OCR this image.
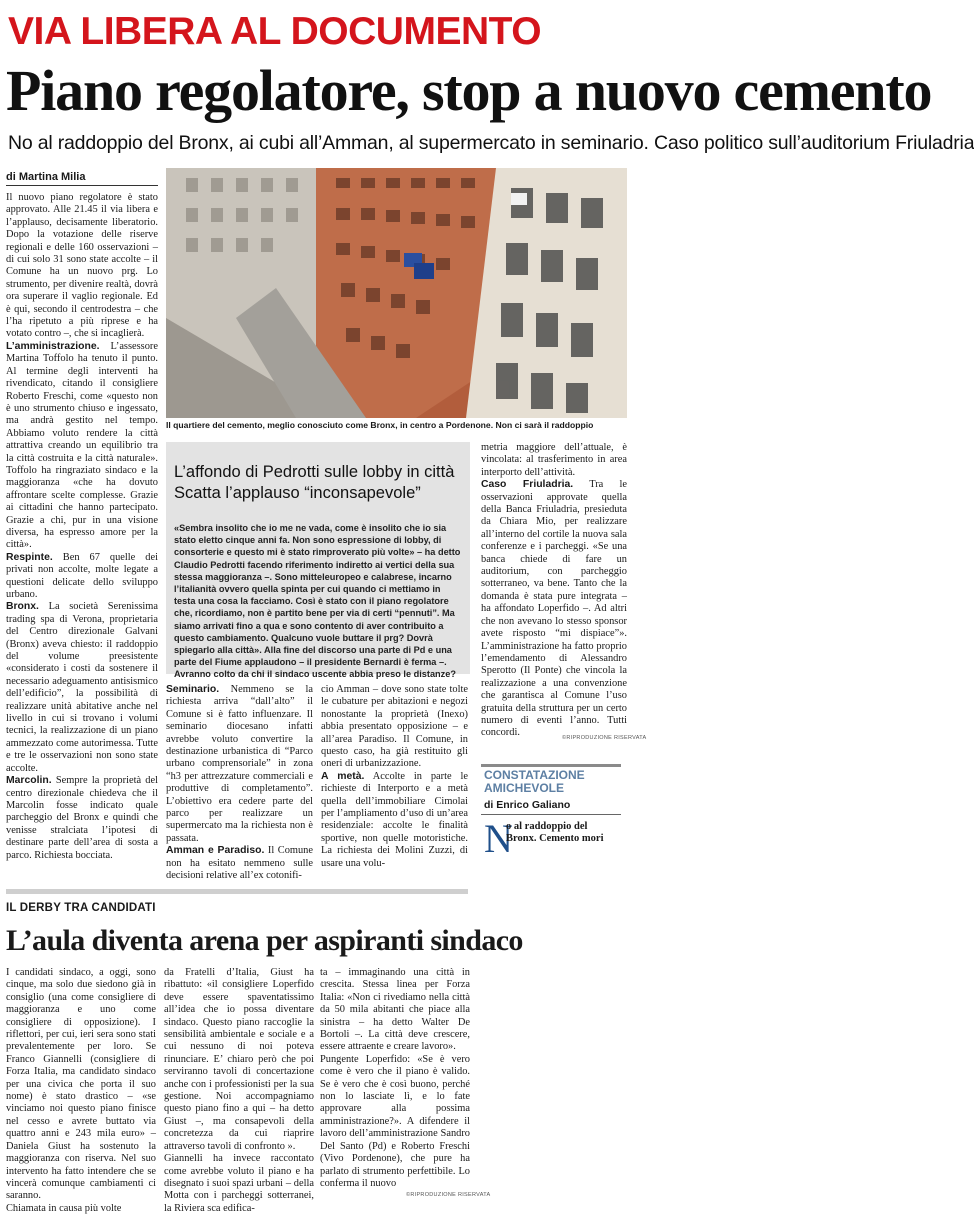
VIA LIBERA AL DOCUMENTO
Piano regolatore, stop a nuovo cemento
No al raddoppio del Bronx, ai cubi all’Amman, al supermercato in seminario. Caso politico sull’auditorium Friuladria
di Martina Milia

Il nuovo piano regolatore è stato approvato. Alle 21.45 il via libera e l’applauso, decisamente liberatorio. Dopo la votazione delle riserve regionali e delle 160 osservazioni – di cui solo 31 sono state accolte – il Comune ha un nuovo prg. Lo strumento, per divenire realtà, dovrà ora superare il vaglio regionale. Ed è qui, secondo il centrodestra – che l’ha ripetuto a più riprese e ha votato contro –, che si incaglierà.

L’amministrazione. L’assessore Martina Toffolo ha tenuto il punto. Al termine degli interventi ha rivendicato, citando il consigliere Roberto Freschi, come «questo non è uno strumento chiuso e ingessato, ma andrà gestito nel tempo. Abbiamo voluto rendere la città attrattiva creando un equilibrio tra la città costruita e la città naturale». Toffolo ha ringraziato sindaco e la maggioranza «che ha dovuto affrontare scelte complesse. Grazie ai cittadini che hanno partecipato. Grazie a chi, pur in una visione diversa, ha espresso amore per la città».

Respinte. Ben 67 quelle dei privati non accolte, molte legate a questioni delicate dello sviluppo urbano.

Bronx. La società Serenissima trading spa di Verona, proprietaria del Centro direzionale Galvani (Bronx) aveva chiesto: il raddoppio del volume preesistente «considerato i costi da sostenere il necessario adeguamento antisismico dell’edificio”, la possibilità di realizzare unità abitative anche nel livello in cui si trovano i volumi tecnici, la realizzazione di un piano ammezzato come autorimessa. Tutte e tre le osservazioni non sono state accolte.

Marcolin. Sempre la proprietà del centro direzionale chiedeva che il Marcolin fosse indicato quale parcheggio del Bronx e quindi che venisse stralciata l’ipotesi di destinare parte dell’area di sosta a parco. Richiesta bocciata.

Il quartiere del cemento, meglio conosciuto come Bronx, in centro a Pordenone. Non ci sarà il raddoppio
L’affondo di Pedrotti sulle lobby in città
Scatta l’applauso “inconsapevole”
«Sembra insolito che io me ne vada, come è insolito che io sia stato eletto cinque anni fa. Non sono espressione di lobby, di consorterie e questo mi è stato rimproverato più volte» – ha detto Claudio Pedrotti facendo riferimento indiretto ai vertici della sua stessa maggioranza –. Sono mitteleuropeo e calabrese, incarno l’italianità ovvero quella spinta per cui quando ci mettiamo in testa una cosa la facciamo. Così è stato con il piano regolatore che, ricordiamo, non è partito bene per via di certi “pennuti”. Ma siamo arrivati fino a qua e sono contento di aver contribuito a questo cambiamento. Qualcuno vuole buttare il prg? Dovrà spiegarlo alla città». Alla fine del discorso una parte di Pd e una parte del Fiume applaudono – il presidente Bernardi è ferma –. Avranno colto da chi il sindaco uscente abbia preso le distanze?

Seminario. Nemmeno se la richiesta arriva “dall’alto” il Comune si è fatto influenzare. Il seminario diocesano infatti avrebbe voluto convertire la destinazione urbanistica di “Parco urbano comprensoriale” in zona “h3 per attrezzature commerciali e produttive di completamento”. L’obiettivo era cedere parte del parco per realizzare un supermercato ma la richiesta non è passata.

Amman e Paradiso. Il Comune non ha esitato nemmeno sulle decisioni relative all’ex cotonifi-

cio Amman – dove sono state tolte le cubature per abitazioni e negozi nonostante la proprietà (Inexo) abbia presentato opposizione – e all’area Paradiso. Il Comune, in questo caso, ha già restituito gli oneri di urbanizzazione.

A metà. Accolte in parte le richieste di Interporto e a metà quella dell’immobiliare Cimolai per l’ampliamento d’uso di un’area residenziale: accolte le finalità sportive, non quelle motoristiche. La richiesta dei Molini Zuzzi, di usare una volu-

metria maggiore dell’attuale, è vincolata: al trasferimento in area interporto dell’attività.

Caso Friuladria. Tra le osservazioni approvate quella della Banca Friuladria, presieduta da Chiara Mio, per realizzare all’interno del cortile la nuova sala conferenze e i parcheggi. «Se una banca chiede di fare un auditorium, con parcheggio sotterraneo, va bene. Tanto che la domanda è stata pure integrata – ha affondato Loperfido –. Ad altri che non avevano lo stesso sponsor avete risposto “mi dispiace”». L’amministrazione ha fatto proprio l’emendamento di Alessandro Sperotto (Il Ponte) che vincola la realizzazione a una convenzione che garantisca al Comune l’uso gratuita della struttura per un certo numero di eventi l’anno. Tutti concordi.	©RIPRODUZIONE RISERVATA
CONSTATAZIONE
AMICHEVOLE
di Enrico Galiano
N
o al raddoppio del Bronx. Cemento mori
IL DERBY TRA CANDIDATI
L’aula diventa arena per aspiranti sindaco
I candidati sindaco, a oggi, sono cinque, ma solo due siedono già in consiglio (una come consigliere di maggioranza e uno come consigliere di opposizione). I riflettori, per cui, ieri sera sono stati prevalentemente per loro. Se Franco Giannelli (consigliere di Forza Italia, ma candidato sindaco per una civica che porta il suo nome) è stato drastico – «se vinciamo noi questo piano finisce nel cesso e avrete buttato via quattro anni e 243 mila euro» – Daniela Giust ha sostenuto la maggioranza con riserva. Nel suo intervento ha fatto intendere che se vincerà comunque cambiamenti ci saranno.
Chiamata in causa più volte
da Fratelli d’Italia, Giust ha ribattuto: «il consigliere Loperfido deve essere spaventatissimo all’idea che io possa diventare sindaco. Questo piano raccoglie la sensibilità ambientale e sociale e a cui nessuno di noi poteva rinunciare. E’ chiaro però che poi serviranno tavoli di concertazione anche con i professionisti per la sua gestione. Noi accompagniamo questo piano fino a qui – ha detto Giust –, ma consapevoli della concretezza da cui riaprire attraverso tavoli di confronto ».
Giannelli ha invece raccontato come avrebbe voluto il piano e ha disegnato i suoi spazi urbani – della Motta con i parcheggi sotterranei, la Riviera sca edifica-
ta – immaginando una città in crescita. Stessa linea per Forza Italia: «Non ci rivediamo nella città da 50 mila abitanti che piace alla sinistra – ha detto Walter De Bortoli –. La città deve crescere, essere attraente e creare lavoro».
Pungente Loperfido: «Se è vero come è vero che il piano è valido. Se è vero che è così buono, perché non lo lasciate lì, e lo fate approvare alla possima amministrazione?». A difendere il lavoro dell’amministrazione Sandro Del Santo (Pd) e Roberto Freschi (Vivo Pordenone), che pure ha parlato di strumento perfettibile. Lo conferma il nuovo
©RIPRODUZIONE RISERVATA
